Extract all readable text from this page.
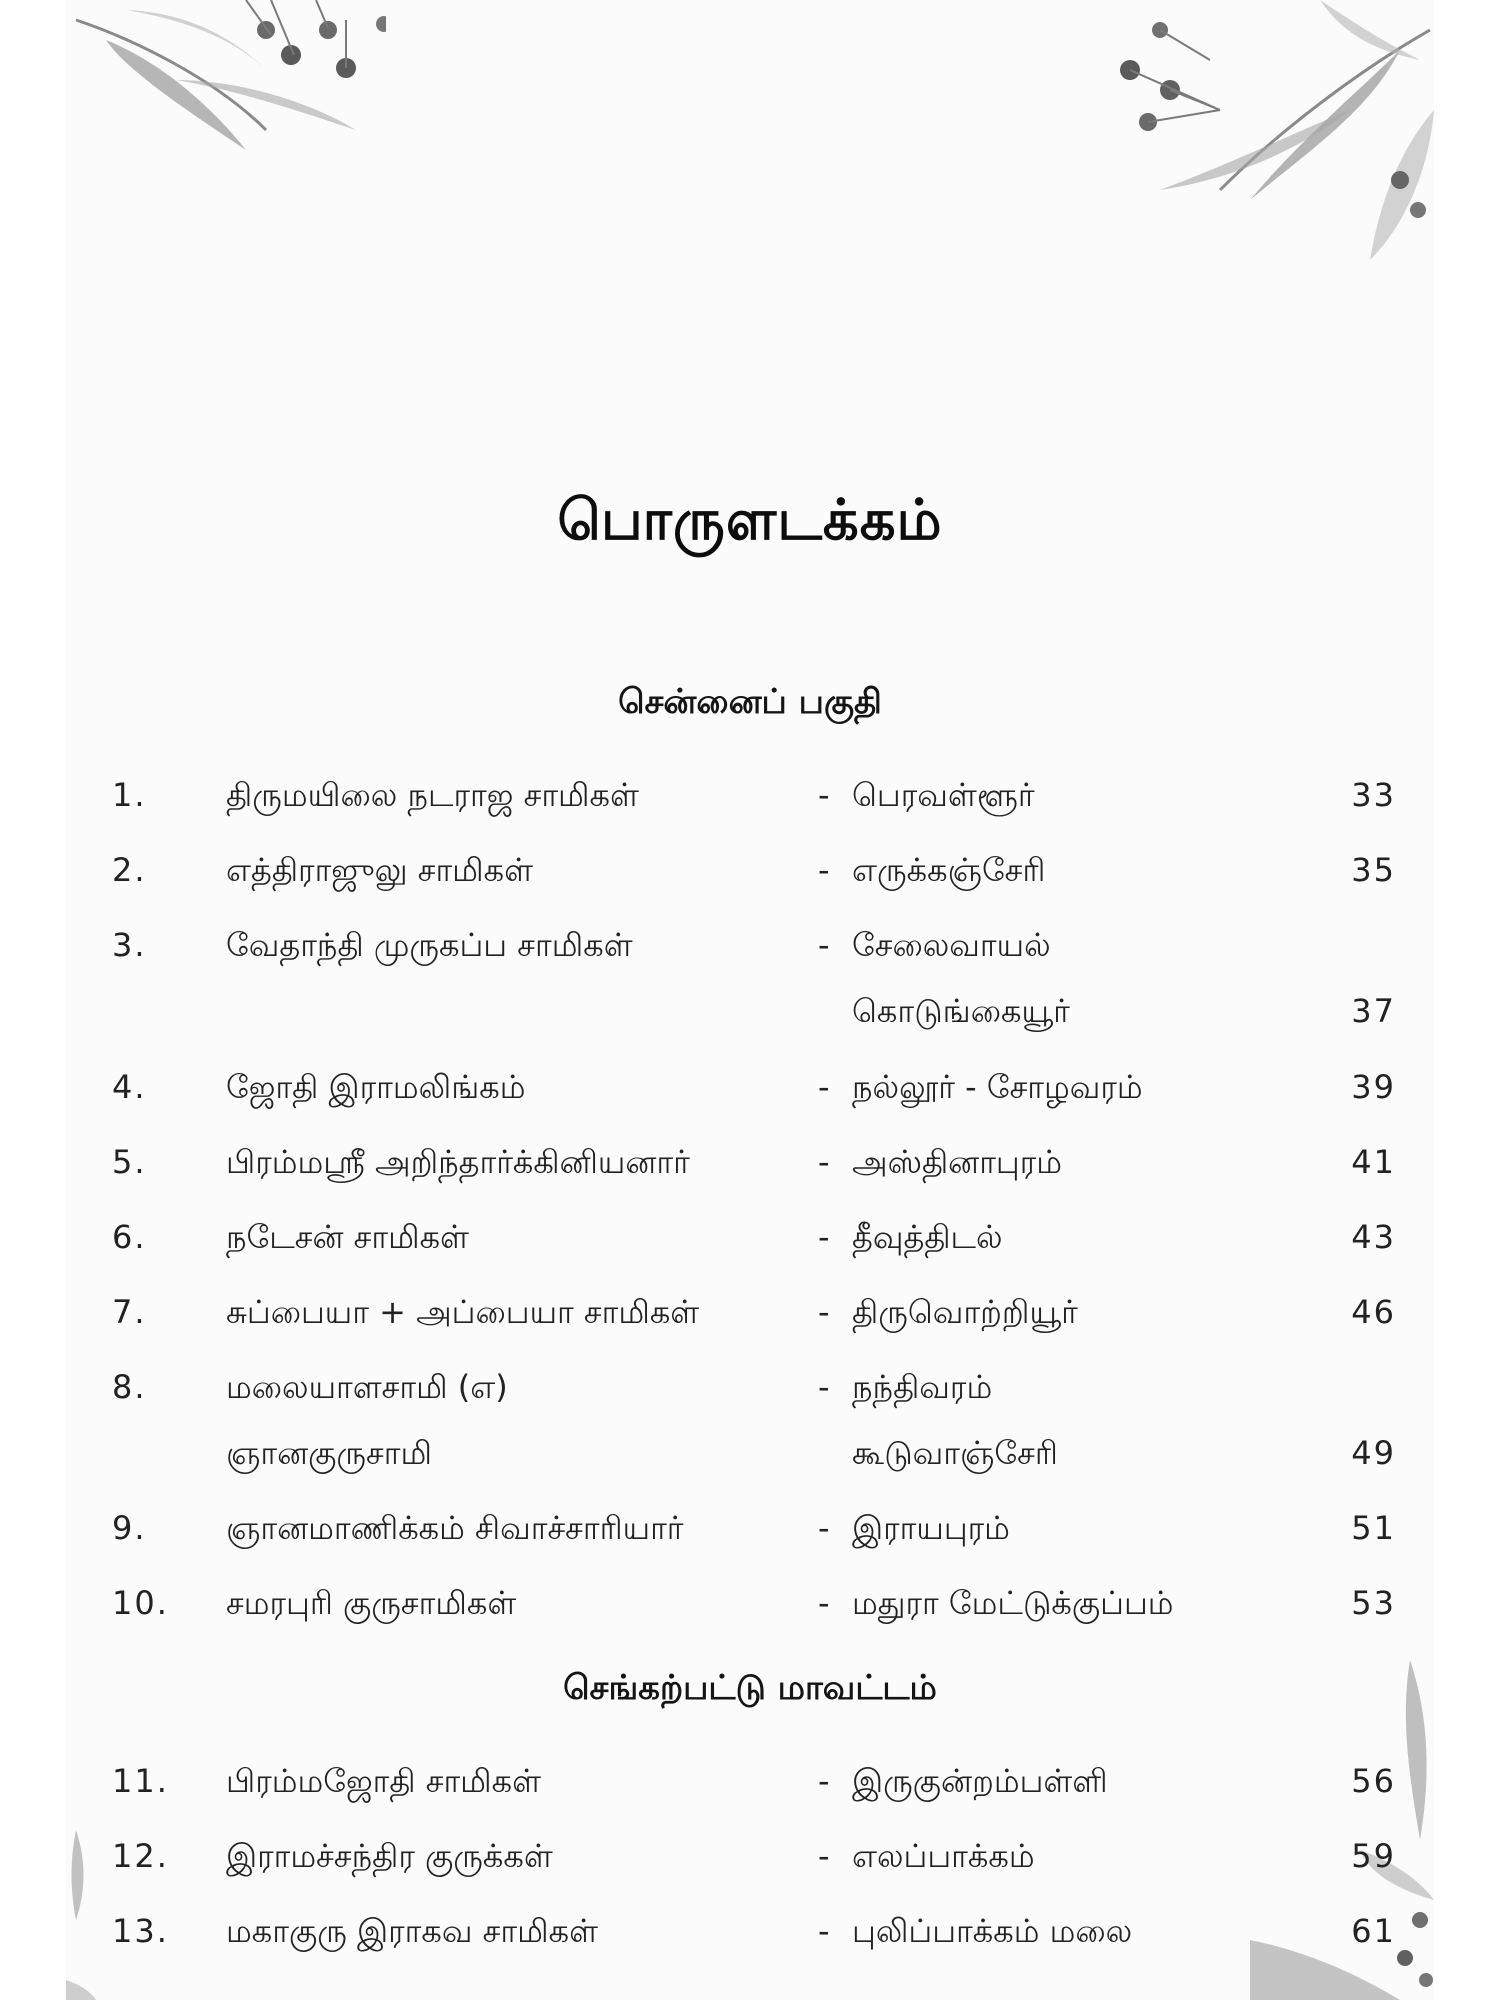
பொருளடக்கம்
சென்னைப் பகுதி
1. திருமயிலை நடராஜ சாமிகள்	- பெரவள்ளூர்	33
2. எத்திராஜுலு சாமிகள்	- எருக்கஞ்சேரி	35
3. வேதாந்தி முருகப்ப சாமிகள்	- சேலைவாயல்
கொடுங்கையூர்	37
4. ஜோதி இராமலிங்கம்	- நல்லூர் - சோழவரம்	39
5. பிரம்மஸ்ரீ அறிந்தார்க்கினியனார்	- அஸ்தினாபுரம்	41
6. நடேசன் சாமிகள்	- தீவுத்திடல்	43
7. சுப்பையா + அப்பையா சாமிகள்	- திருவொற்றியூர்	46
8. மலையாளசாமி (எ)	- நந்திவரம்
ஞானகுருசாமி	கூடுவாஞ்சேரி	49
9. ஞானமாணிக்கம் சிவாச்சாரியார்	- இராயபுரம்	51
10. சமரபுரி குருசாமிகள்	- மதுரா மேட்டுக்குப்பம்	53
செங்கற்பட்டு மாவட்டம்
11. பிரம்மஜோதி சாமிகள்	- இருகுன்றம்பள்ளி	56
12. இராமச்சந்திர குருக்கள்	- எலப்பாக்கம்	59
13. மகாகுரு இராகவ சாமிகள்	- புலிப்பாக்கம் மலை	61
